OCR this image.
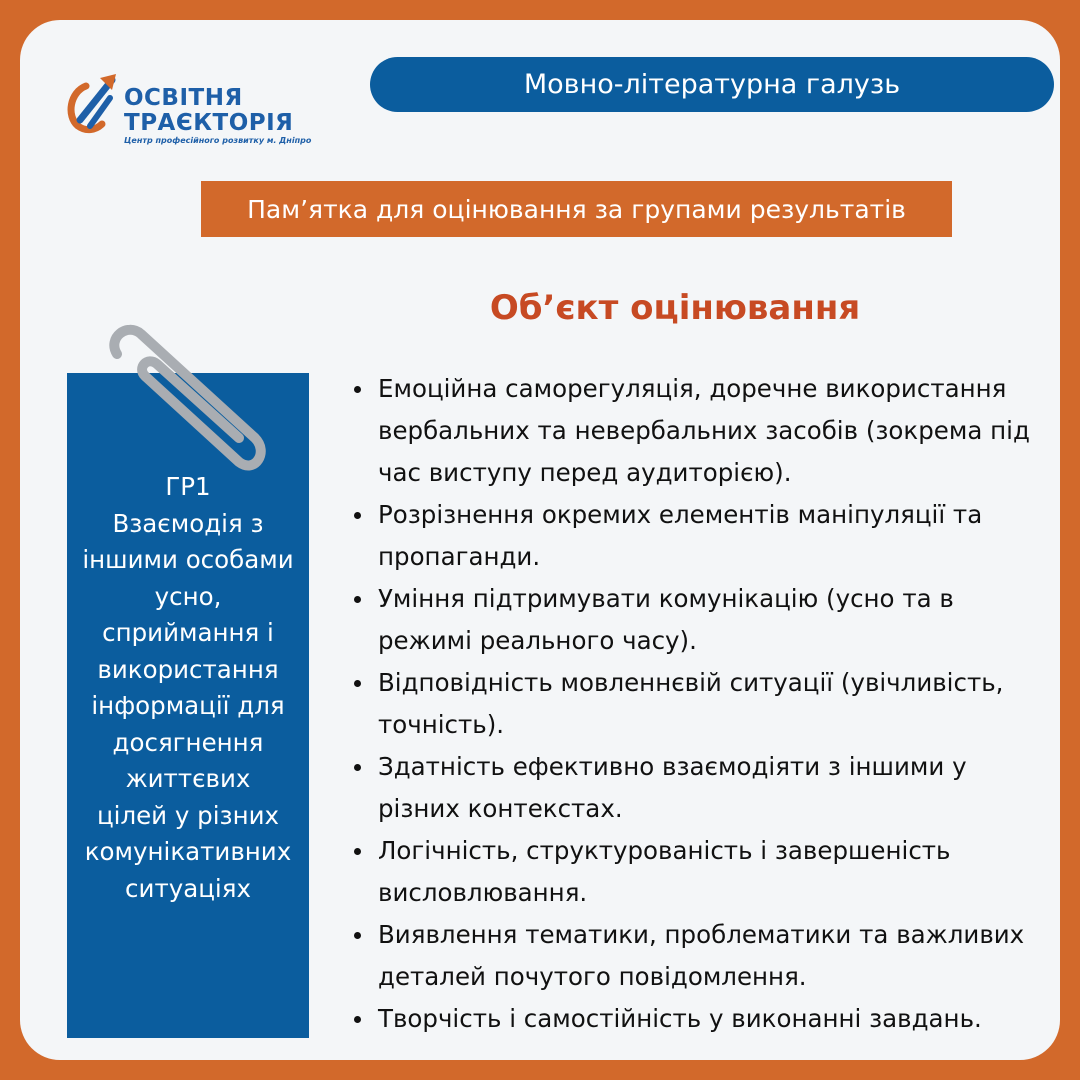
ОСВІТНЯ
ТРАЄКТОРІЯ
Центр професійного розвитку м. Дніпро
Мовно-літературна галузь
Пам’ятка для оцінювання за групами результатів
Об’єкт оцінювання
ГР1
Взаємодія з
іншими особами
усно,
сприймання і
використання
інформації для
досягнення
життєвих
цілей у різних
комунікативних
ситуаціях
Емоційна саморегуляція, доречне використання
вербальних та невербальних засобів (зокрема під
час виступу перед аудиторією).
Розрізнення окремих елементів маніпуляції та
пропаганди.
Уміння підтримувати комунікацію (усно та в
режимі реального часу).
Відповідність мовленнєвій ситуації (увічливість,
точність).
Здатність ефективно взаємодіяти з іншими у
різних контекстах.
Логічність, структурованість і завершеність
висловлювання.
Виявлення тематики, проблематики та важливих
деталей почутого повідомлення.
Творчість і самостійність у виконанні завдань.
